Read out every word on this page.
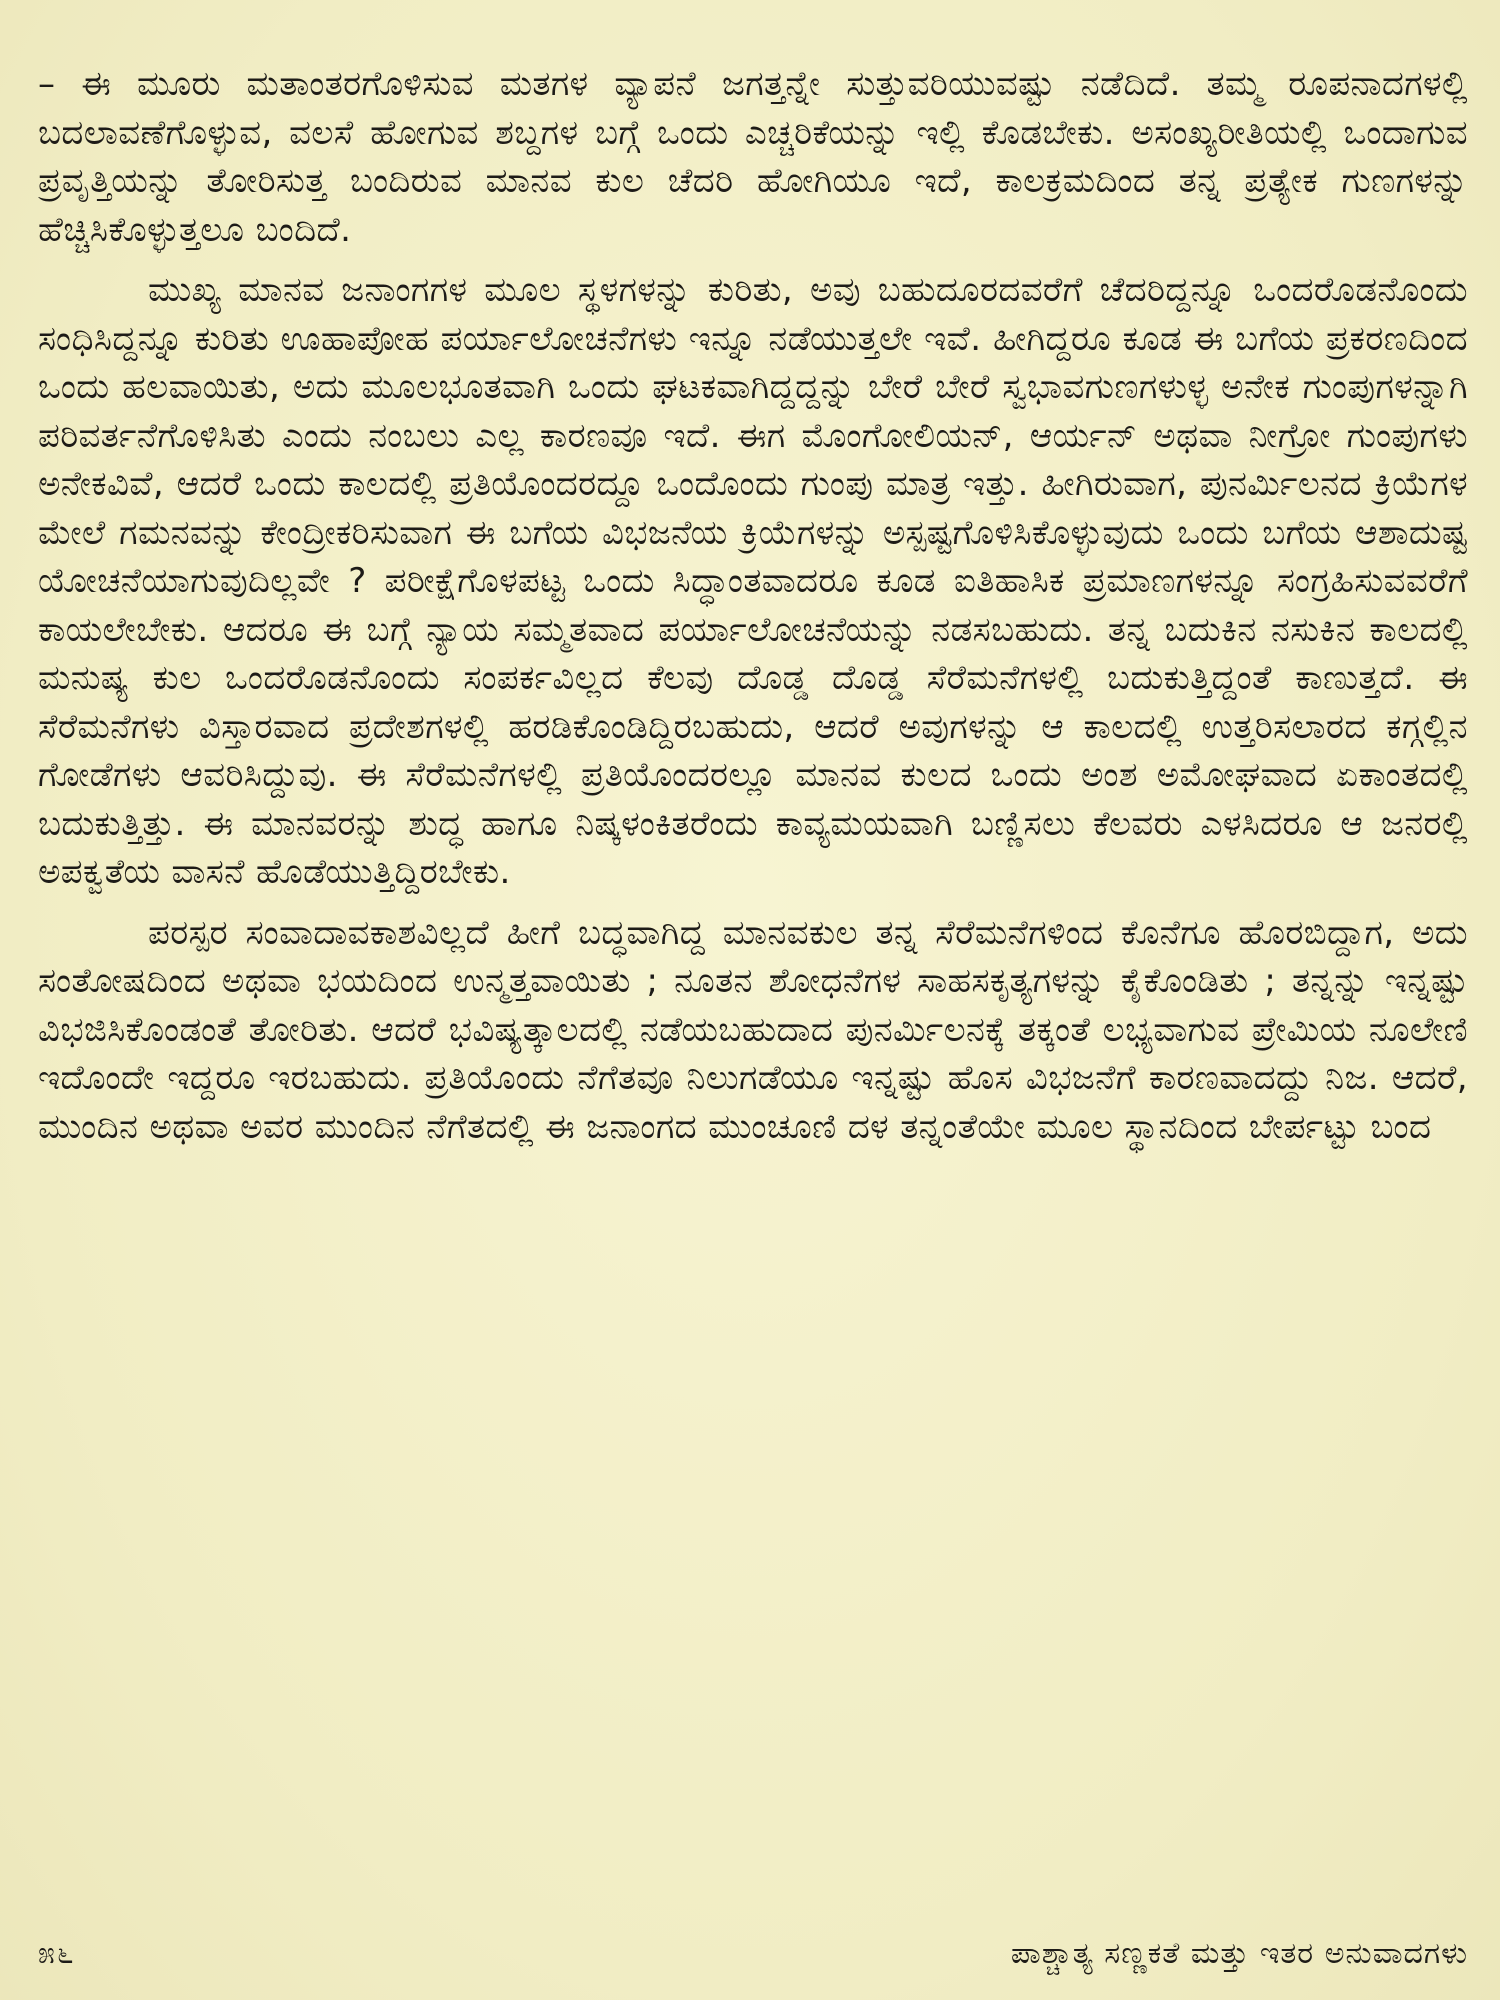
– ಈ ಮೂರು ಮತಾಂತರಗೊಳಿಸುವ ಮತಗಳ ವ್ಯಾಪನೆ ಜಗತ್ತನ್ನೇ ಸುತ್ತುವರಿಯುವಷ್ಟು ನಡೆದಿದೆ. ತಮ್ಮ ರೂಪನಾದಗಳಲ್ಲಿ ಬದಲಾವಣೆಗೊಳ್ಳುವ, ವಲಸೆ ಹೋಗುವ ಶಬ್ದಗಳ ಬಗ್ಗೆ ಒಂದು ಎಚ್ಚರಿಕೆಯನ್ನು ಇಲ್ಲಿ ಕೊಡಬೇಕು. ಅಸಂಖ್ಯರೀತಿಯಲ್ಲಿ ಒಂದಾಗುವ ಪ್ರವೃತ್ತಿಯನ್ನು ತೋರಿಸುತ್ತ ಬಂದಿರುವ ಮಾನವ ಕುಲ ಚೆದರಿ ಹೋಗಿಯೂ ಇದೆ, ಕಾಲಕ್ರಮದಿಂದ ತನ್ನ ಪ್ರತ್ಯೇಕ ಗುಣಗಳನ್ನು ಹೆಚ್ಚಿಸಿಕೊಳ್ಳುತ್ತಲೂ ಬಂದಿದೆ.

ಮುಖ್ಯ ಮಾನವ ಜನಾಂಗಗಳ ಮೂಲ ಸ್ಥಳಗಳನ್ನು ಕುರಿತು, ಅವು ಬಹುದೂರದವರೆಗೆ ಚೆದರಿದ್ದನ್ನೂ ಒಂದರೊಡನೊಂದು ಸಂಧಿಸಿದ್ದನ್ನೂ ಕುರಿತು ಊಹಾಪೋಹ ಪರ್ಯಾಲೋಚನೆಗಳು ಇನ್ನೂ ನಡೆಯುತ್ತಲೇ ಇವೆ. ಹೀಗಿದ್ದರೂ ಕೂಡ ಈ ಬಗೆಯ ಪ್ರಕರಣದಿಂದ ಒಂದು ಹಲವಾಯಿತು, ಅದು ಮೂಲಭೂತವಾಗಿ ಒಂದು ಘಟಕವಾಗಿದ್ದದ್ದನ್ನು ಬೇರೆ ಬೇರೆ ಸ್ವಭಾವಗುಣಗಳುಳ್ಳ ಅನೇಕ ಗುಂಪುಗಳನ್ನಾಗಿ ಪರಿವರ್ತನೆಗೊಳಿಸಿತು ಎಂದು ನಂಬಲು ಎಲ್ಲ ಕಾರಣವೂ ಇದೆ. ಈಗ ಮೊಂಗೋಲಿಯನ್, ಆರ್ಯನ್ ಅಥವಾ ನೀಗ್ರೋ ಗುಂಪುಗಳು ಅನೇಕವಿವೆ, ಆದರೆ ಒಂದು ಕಾಲದಲ್ಲಿ ಪ್ರತಿಯೊಂದರದ್ದೂ ಒಂದೊಂದು ಗುಂಪು ಮಾತ್ರ ಇತ್ತು. ಹೀಗಿರುವಾಗ, ಪುನರ್ಮಿಲನದ ಕ್ರಿಯೆಗಳ ಮೇಲೆ ಗಮನವನ್ನು ಕೇಂದ್ರೀಕರಿಸುವಾಗ ಈ ಬಗೆಯ ವಿಭಜನೆಯ ಕ್ರಿಯೆಗಳನ್ನು ಅಸ್ಪಷ್ಟಗೊಳಿಸಿಕೊಳ್ಳುವುದು ಒಂದು ಬಗೆಯ ಆಶಾದುಷ್ಟ ಯೋಚನೆಯಾಗುವುದಿಲ್ಲವೇ ? ಪರೀಕ್ಷೆಗೊಳಪಟ್ಟ ಒಂದು ಸಿದ್ಧಾಂತವಾದರೂ ಕೂಡ ಐತಿಹಾಸಿಕ ಪ್ರಮಾಣಗಳನ್ನೂ ಸಂಗ್ರಹಿಸುವವರೆಗೆ ಕಾಯಲೇಬೇಕು. ಆದರೂ ಈ ಬಗ್ಗೆ ನ್ಯಾಯ ಸಮ್ಮತವಾದ ಪರ್ಯಾಲೋಚನೆಯನ್ನು ನಡಸಬಹುದು. ತನ್ನ ಬದುಕಿನ ನಸುಕಿನ ಕಾಲದಲ್ಲಿ ಮನುಷ್ಯ ಕುಲ ಒಂದರೊಡನೊಂದು ಸಂಪರ್ಕವಿಲ್ಲದ ಕೆಲವು ದೊಡ್ಡ ದೊಡ್ಡ ಸೆರೆಮನೆಗಳಲ್ಲಿ ಬದುಕುತ್ತಿದ್ದಂತೆ ಕಾಣುತ್ತದೆ. ಈ ಸೆರೆಮನೆಗಳು ವಿಸ್ತಾರವಾದ ಪ್ರದೇಶಗಳಲ್ಲಿ ಹರಡಿಕೊಂಡಿದ್ದಿರಬಹುದು, ಆದರೆ ಅವುಗಳನ್ನು ಆ ಕಾಲದಲ್ಲಿ ಉತ್ತರಿಸಲಾರದ ಕಗ್ಗಲ್ಲಿನ ಗೋಡೆಗಳು ಆವರಿಸಿದ್ದುವು. ಈ ಸೆರೆಮನೆಗಳಲ್ಲಿ ಪ್ರತಿಯೊಂದರಲ್ಲೂ ಮಾನವ ಕುಲದ ಒಂದು ಅಂಶ ಅಮೋಘವಾದ ಏಕಾಂತದಲ್ಲಿ ಬದುಕುತ್ತಿತ್ತು. ಈ ಮಾನವರನ್ನು ಶುದ್ಧ ಹಾಗೂ ನಿಷ್ಕಳಂಕಿತರೆಂದು ಕಾವ್ಯಮಯವಾಗಿ ಬಣ್ಣಿಸಲು ಕೆಲವರು ಎಳಸಿದರೂ ಆ ಜನರಲ್ಲಿ ಅಪಕ್ವತೆಯ ವಾಸನೆ ಹೊಡೆಯುತ್ತಿದ್ದಿರಬೇಕು.

ಪರಸ್ಪರ ಸಂವಾದಾವಕಾಶವಿಲ್ಲದೆ ಹೀಗೆ ಬದ್ಧವಾಗಿದ್ದ ಮಾನವಕುಲ ತನ್ನ ಸೆರೆಮನೆಗಳಿಂದ ಕೊನೆಗೂ ಹೊರಬಿದ್ದಾಗ, ಅದು ಸಂತೋಷದಿಂದ ಅಥವಾ ಭಯದಿಂದ ಉನ್ಮತ್ತವಾಯಿತು ; ನೂತನ ಶೋಧನೆಗಳ ಸಾಹಸಕೃತ್ಯಗಳನ್ನು ಕೈಕೊಂಡಿತು ; ತನ್ನನ್ನು ಇನ್ನಷ್ಟು ವಿಭಜಿಸಿಕೊಂಡಂತೆ ತೋರಿತು. ಆದರೆ ಭವಿಷ್ಯತ್ಕಾಲದಲ್ಲಿ ನಡೆಯಬಹುದಾದ ಪುನರ್ಮಿಲನಕ್ಕೆ ತಕ್ಕಂತೆ ಲಭ್ಯವಾಗುವ ಪ್ರೇಮಿಯ ನೂಲೇಣಿ ಇದೊಂದೇ ಇದ್ದರೂ ಇರಬಹುದು. ಪ್ರತಿಯೊಂದು ನೆಗೆತವೂ ನಿಲುಗಡೆಯೂ ಇನ್ನಷ್ಟು ಹೊಸ ವಿಭಜನೆಗೆ ಕಾರಣವಾದದ್ದು ನಿಜ. ಆದರೆ, ಮುಂದಿನ ಅಥವಾ ಅವರ ಮುಂದಿನ ನೆಗೆತದಲ್ಲಿ ಈ ಜನಾಂಗದ ಮುಂಚೂಣಿ ದಳ ತನ್ನಂತೆಯೇ ಮೂಲ ಸ್ಥಾನದಿಂದ ಬೇರ್ಪಟ್ಟು ಬಂದ

೫೬	ಪಾಶ್ಚಾತ್ಯ ಸಣ್ಣಕತೆ ಮತ್ತು ಇತರ ಅನುವಾದಗಳು
